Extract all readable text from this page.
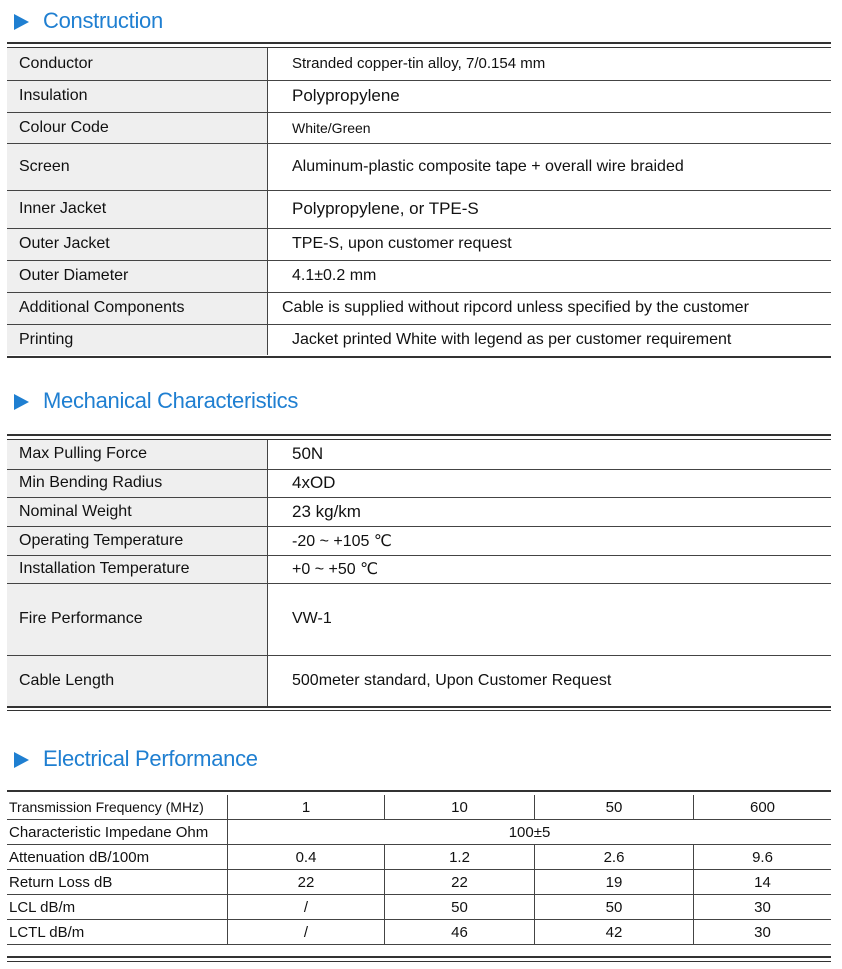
Construction
Conductor	Stranded copper-tin alloy, 7/0.154 mm
Insulation	Polypropylene
Colour Code	White/Green
Screen	Aluminum-plastic composite tape + overall wire braided
Inner Jacket	Polypropylene, or TPE-S
Outer Jacket	TPE-S, upon customer request
Outer Diameter	4.1±0.2 mm
Additional Components	Cable is supplied without ripcord unless specified by the customer
Printing	Jacket printed White with legend as per customer requirement
Mechanical Characteristics
Max Pulling Force	50N
Min Bending Radius	4xOD
Nominal Weight	23 kg/km
Operating Temperature	-20 ~ +105 ℃
Installation Temperature	+0 ~ +50 ℃
Fire Performance	VW-1
Cable Length	500meter standard, Upon Customer Request
Electrical Performance
Transmission Frequency (MHz)	1	10	50	600
Characteristic Impedane Ohm	100±5			
Attenuation dB/100m	0.4	1.2	2.6	9.6
Return Loss dB	22	22	19	14
LCL dB/m	/	50	50	30
LCTL dB/m	/	46	42	30
